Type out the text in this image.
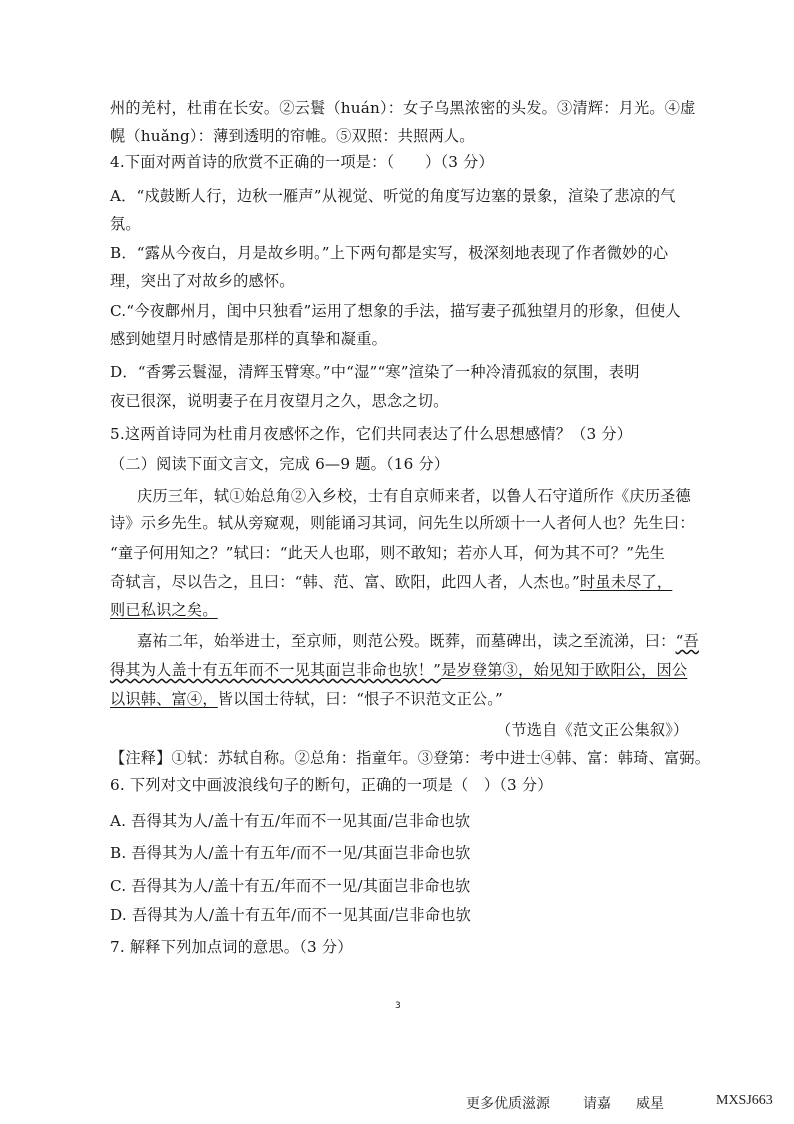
州的羌村，杜甫在长安。②云鬟（huán）：女子乌黑浓密的头发。③清辉：月光。④虚
幌（huǎng）：薄到透明的帘帷。⑤双照：共照两人。
4.下面对两首诗的欣赏不正确的一项是：（　　）（3 分）
A．“戍鼓断人行，边秋一雁声”从视觉、听觉的角度写边塞的景象，渲染了悲凉的气
氛。
B．“露从今夜白，月是故乡明。”上下两句都是实写，极深刻地表现了作者微妙的心
理，突出了对故乡的感怀。
C.“今夜鄜州月，闺中只独看”运用了想象的手法，描写妻子孤独望月的形象，但使人
感到她望月时感情是那样的真挚和凝重。
D．“香雾云鬟湿，清辉玉臂寒。”中“湿”“寒”渲染了一种冷清孤寂的氛围，表明
夜已很深，说明妻子在月夜望月之久，思念之切。
5.这两首诗同为杜甫月夜感怀之作，它们共同表达了什么思想感情？（3 分）
（二）阅读下面文言文，完成 6—9 题。（16 分）
庆历三年，轼①始总角②入乡校，士有自京师来者，以鲁人石守道所作《庆历圣德
诗》示乡先生。轼从旁窥观，则能诵习其词，问先生以所颂十一人者何人也？先生曰：
“童子何用知之？”轼曰：“此天人也耶，则不敢知；若亦人耳，何为其不可？”先生
奇轼言，尽以告之，且曰：“韩、范、富、欧阳，此四人者，人杰也。”时虽未尽了，
则已私识之矣。
嘉祐二年，始举进士，至京师，则范公殁。既葬，而墓碑出，读之至流涕，曰：“吾
得其为人盖十有五年而不一见其面岂非命也欤！”是岁登第③，始见知于欧阳公，因公
以识韩、富④，皆以国士待轼，曰：“恨子不识范文正公。”
（节选自《范文正公集叙》）
【注释】①轼：苏轼自称。②总角：指童年。③登第：考中进士④韩、富：韩琦、富弼。
6. 下列对文中画波浪线句子的断句，正确的一项是（　）（3 分）
A. 吾得其为人/盖十有五/年而不一见其面/岂非命也欤
B. 吾得其为人/盖十有五年/而不一见/其面岂非命也欤
C. 吾得其为人/盖十有五/年而不一见/其面岂非命也欤
D. 吾得其为人/盖十有五年/而不一见其面/岂非命也欤
7. 解释下列加点词的意思。（3 分）
3
更多优质滋源 请嘉 威星	MXSJ663
